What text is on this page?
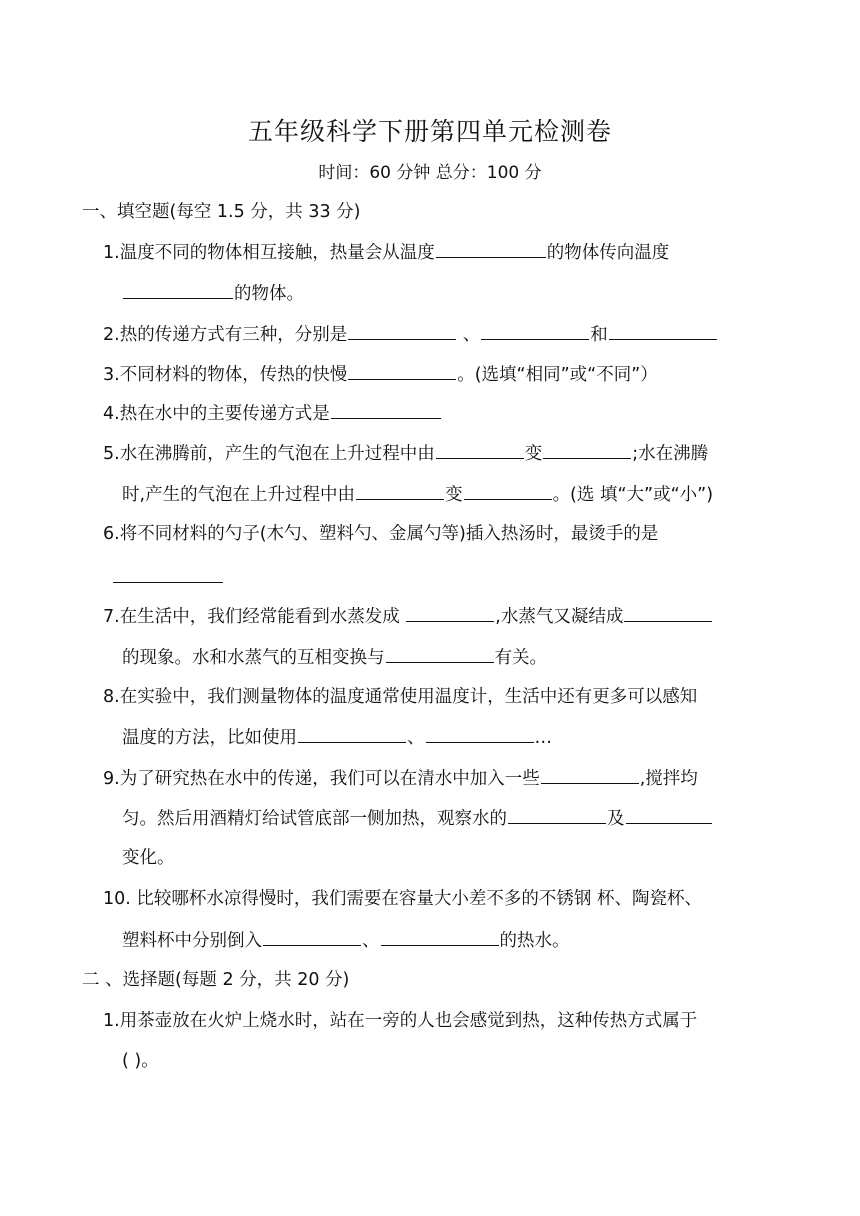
五年级科学下册第四单元检测卷
时间：60 分钟 总分：100 分
一、填空题(每空 1.5 分，共 33 分)
1.温度不同的物体相互接触，热量会从温度	的物体传向温度
的物体。
2.热的传递方式有三种，分别是	、	和
3.不同材料的物体，传热的快慢	。(选填“相同”或“不同”）
4.热在水中的主要传递方式是
5.水在沸腾前，产生的气泡在上升过程中由	变	;水在沸腾
时,产生的气泡在上升过程中由	变	。(选 填“大”或“小”)
6.将不同材料的勺子(木勺、塑料勺、金属勺等)插入热汤时，最烫手的是
7.在生活中，我们经常能看到水蒸发成	,水蒸气又凝结成
的现象。水和水蒸气的互相变换与	有关。
8.在实验中，我们测量物体的温度通常使用温度计，生活中还有更多可以感知
温度的方法，比如使用	、	…
9.为了研究热在水中的传递，我们可以在清水中加入一些	,搅拌均
匀。然后用酒精灯给试管底部一侧加热，观察水的	及
变化。
10. 比较哪杯水凉得慢时，我们需要在容量大小差不多的不锈钢 杯、陶瓷杯、
塑料杯中分别倒入	、	的热水。
二 、选择题(每题 2 分，共 20 分)
1.用茶壶放在火炉上烧水时，站在一旁的人也会感觉到热，这种传热方式属于
( )。
